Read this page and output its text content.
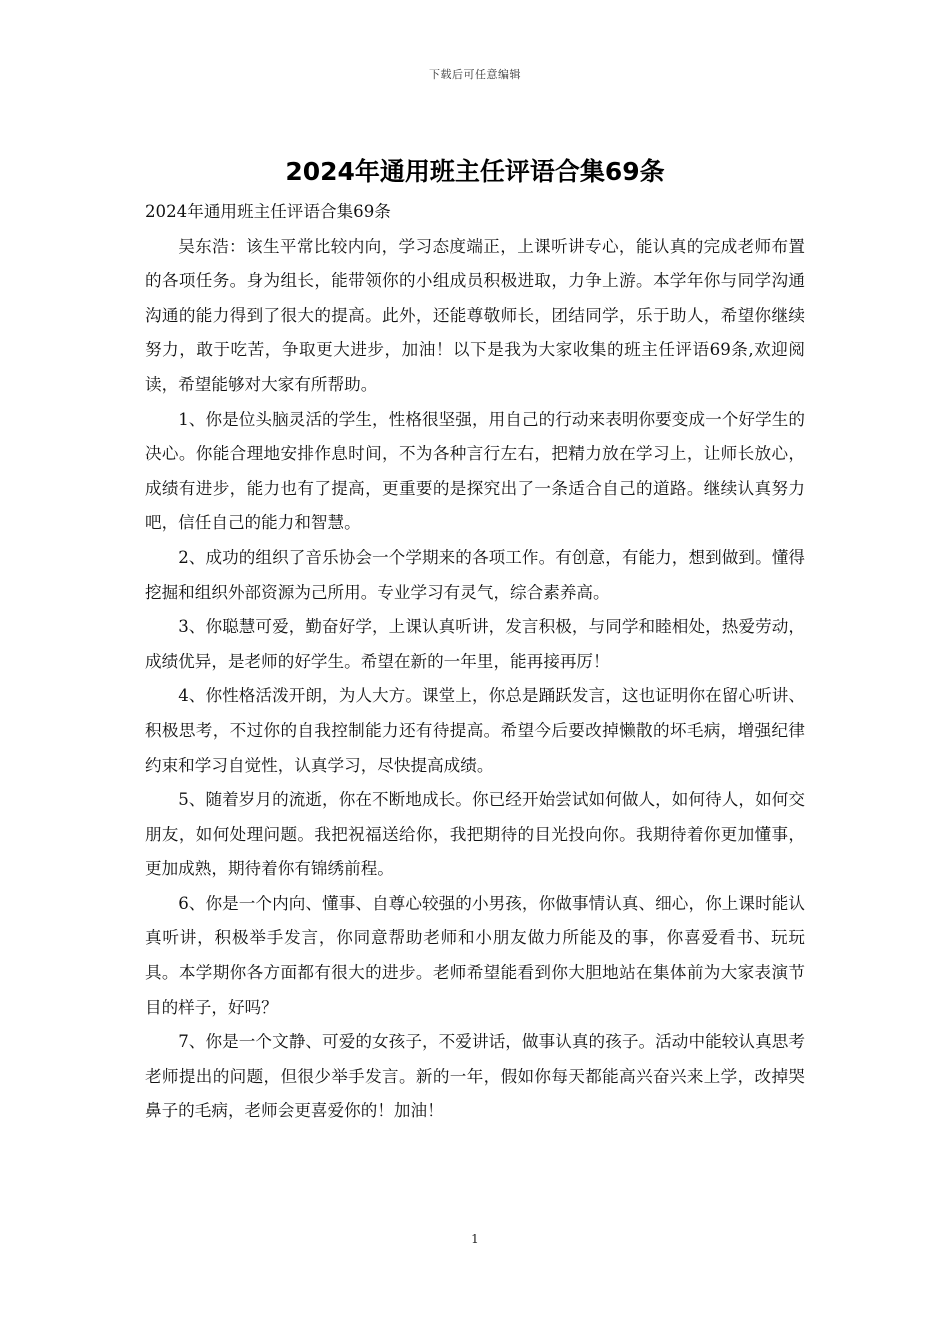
下载后可任意编辑
2024年通用班主任评语合集69条

2024年通用班主任评语合集69条

吴东浩：该生平常比较内向，学习态度端正，上课听讲专心，能认真的完成老师布置的各项任务。身为组长，能带领你的小组成员积极进取，力争上游。本学年你与同学沟通沟通的能力得到了很大的提高。此外，还能尊敬师长，团结同学，乐于助人，希望你继续努力，敢于吃苦，争取更大进步，加油！以下是我为大家收集的班主任评语69条,欢迎阅读，希望能够对大家有所帮助。

1、你是位头脑灵活的学生，性格很坚强，用自己的行动来表明你要变成一个好学生的决心。你能合理地安排作息时间，不为各种言行左右，把精力放在学习上，让师长放心，成绩有进步，能力也有了提高，更重要的是探究出了一条适合自己的道路。继续认真努力吧，信任自己的能力和智慧。

2、成功的组织了音乐协会一个学期来的各项工作。有创意，有能力，想到做到。懂得挖掘和组织外部资源为己所用。专业学习有灵气，综合素养高。

3、你聪慧可爱，勤奋好学，上课认真听讲，发言积极，与同学和睦相处，热爱劳动，成绩优异，是老师的好学生。希望在新的一年里，能再接再厉！

4、你性格活泼开朗，为人大方。课堂上，你总是踊跃发言，这也证明你在留心听讲、积极思考，不过你的自我控制能力还有待提高。希望今后要改掉懒散的坏毛病，增强纪律约束和学习自觉性，认真学习，尽快提高成绩。

5、随着岁月的流逝，你在不断地成长。你已经开始尝试如何做人，如何待人，如何交朋友，如何处理问题。我把祝福送给你，我把期待的目光投向你。我期待着你更加懂事，更加成熟，期待着你有锦绣前程。

6、你是一个内向、懂事、自尊心较强的小男孩，你做事情认真、细心，你上课时能认真听讲，积极举手发言，你同意帮助老师和小朋友做力所能及的事，你喜爱看书、玩玩具。本学期你各方面都有很大的进步。老师希望能看到你大胆地站在集体前为大家表演节目的样子，好吗？

7、你是一个文静、可爱的女孩子，不爱讲话，做事认真的孩子。活动中能较认真思考老师提出的问题，但很少举手发言。新的一年，假如你每天都能高兴奋兴来上学，改掉哭鼻子的毛病，老师会更喜爱你的！加油！

1
